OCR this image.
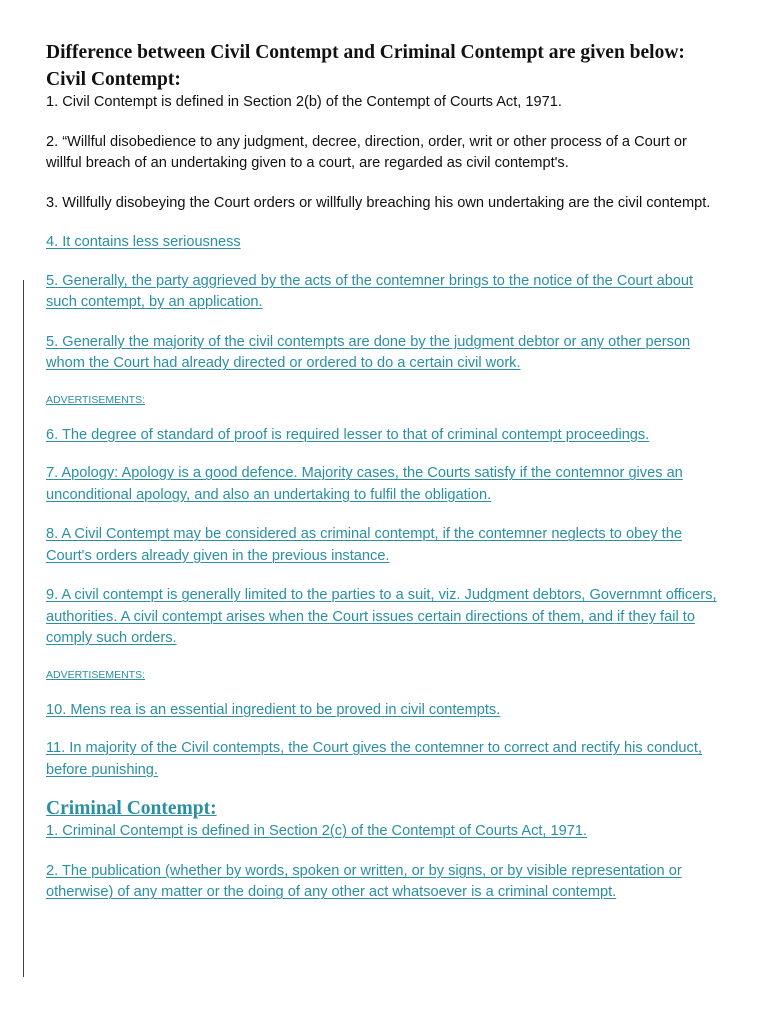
Difference between Civil Contempt and Criminal Contempt are given below:
Civil Contempt:

1. Civil Contempt is defined in Section 2(b) of the Contempt of Courts Act, 1971.

2. “Willful disobedience to any judgment, decree, direction, order, writ or other process of a Court or willful breach of an undertaking given to a court, are regarded as civil contempt's.

3. Willfully disobeying the Court orders or willfully breaching his own undertaking are the civil contempt.

4. It contains less seriousness

5. Generally, the party aggrieved by the acts of the contemner brings to the notice of the Court about such contempt, by an application.

5. Generally the majority of the civil contempts are done by the judgment debtor or any other person whom the Court had already directed or ordered to do a certain civil work.

ADVERTISEMENTS:

6. The degree of standard of proof is required lesser to that of criminal contempt proceedings.

7. Apology: Apology is a good defence. Majority cases, the Courts satisfy if the contemnor gives an unconditional apology, and also an undertaking to fulfil the obligation.

8. A Civil Contempt may be considered as criminal contempt, if the contemner neglects to obey the Court's orders already given in the previous instance.

9. A civil contempt is generally limited to the parties to a suit, viz. Judgment debtors, Governmnt officers, authorities. A civil contempt arises when the Court issues certain directions of them, and if they fail to comply such orders.

ADVERTISEMENTS:

10. Mens rea is an essential ingredient to be proved in civil contempts.

11. In majority of the Civil contempts, the Court gives the contemner to correct and rectify his conduct, before punishing.

Criminal Contempt:

1. Criminal Contempt is defined in Section 2(c) of the Contempt of Courts Act, 1971.

2. The publication (whether by words, spoken or written, or by signs, or by visible representation or otherwise) of any matter or the doing of any other act whatsoever is a criminal contempt.
